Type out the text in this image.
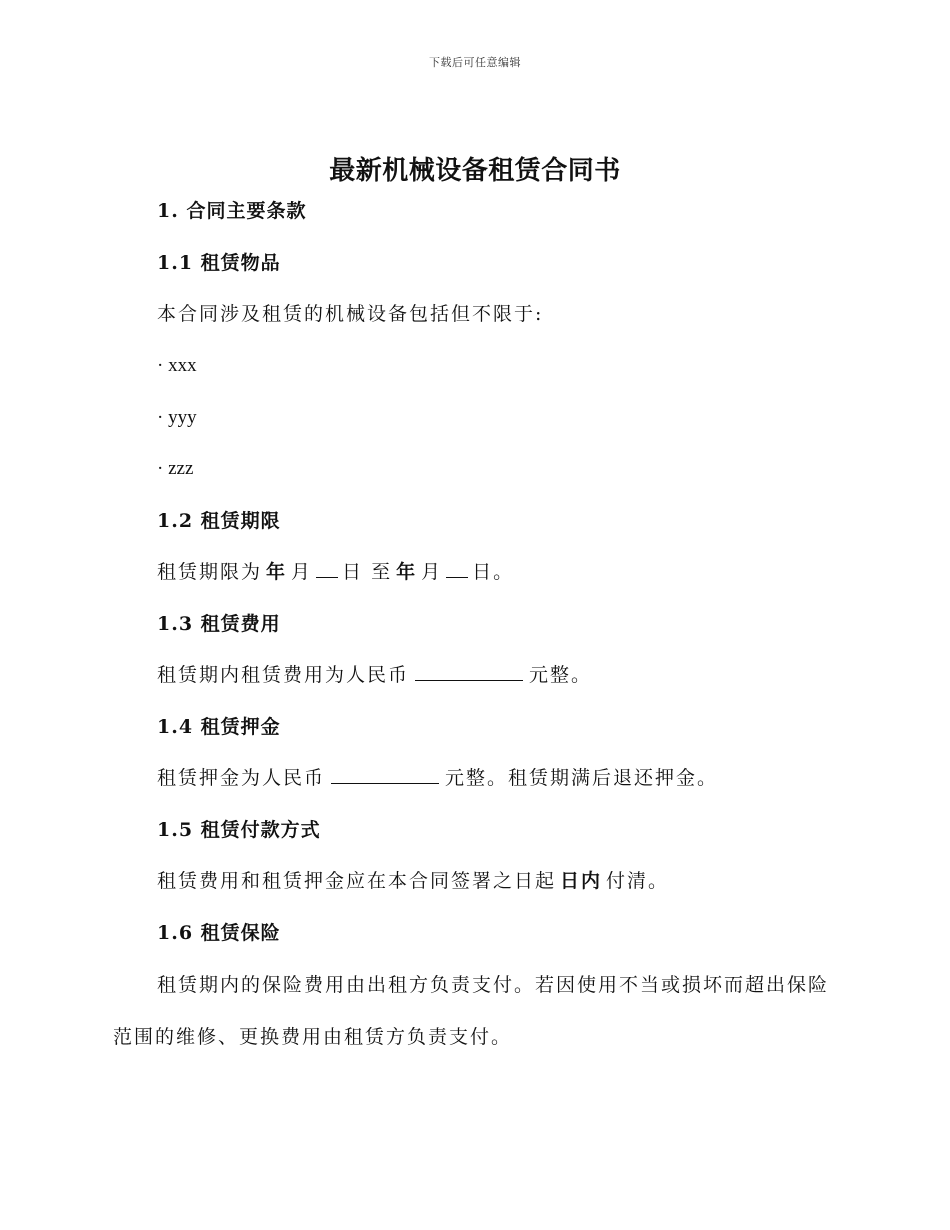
下载后可任意编辑
最新机械设备租赁合同书
1. 合同主要条款
1.1 租赁物品
本合同涉及租赁的机械设备包括但不限于:
· xxx
· yyy
· zzz
1.2 租赁期限
租赁期限为 年 月 日 至 年 月 日。
1.3 租赁费用
租赁期内租赁费用为人民币	元整。
1.4 租赁押金
租赁押金为人民币	元整。租赁期满后退还押金。
1.5 租赁付款方式
租赁费用和租赁押金应在本合同签署之日起 日内 付清。
1.6 租赁保险

租赁期内的保险费用由出租方负责支付。若因使用不当或损坏而超出保险范围的维修、更换费用由租赁方负责支付。
